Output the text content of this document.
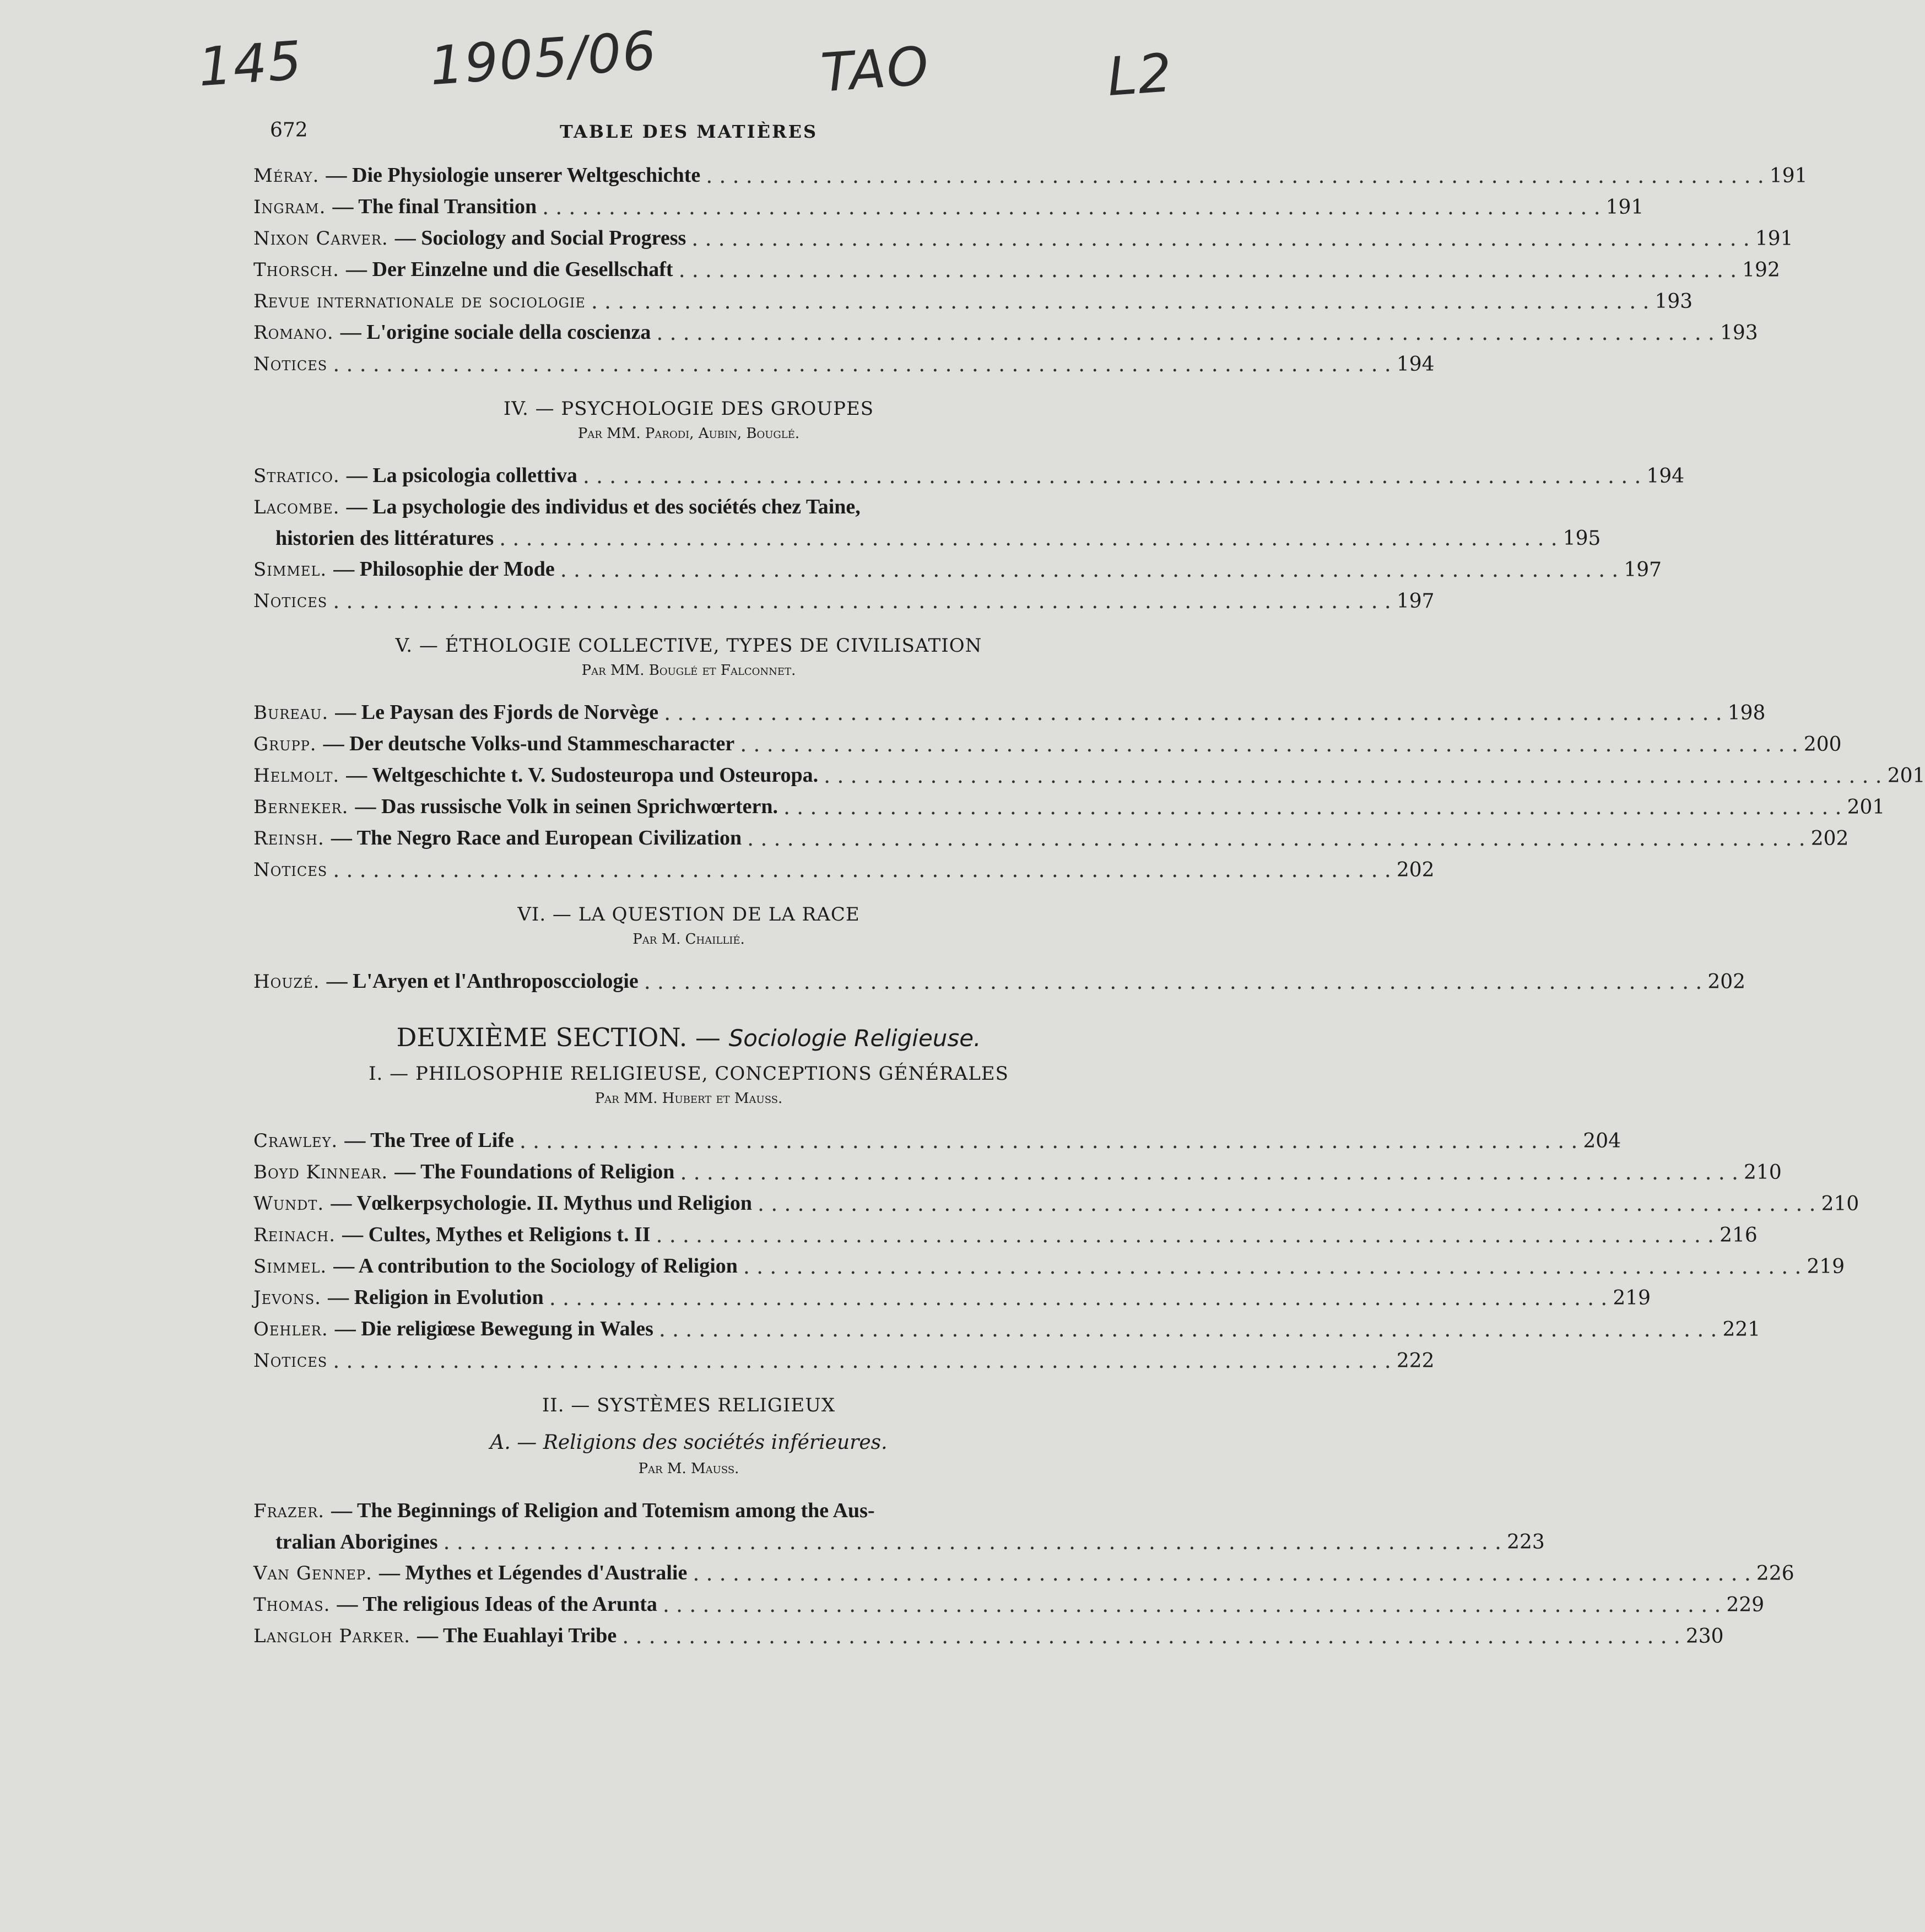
145 1905/06	TAO	L2
672	TABLE DES MATIÈRES
Méray. — Die Physiologie unserer Weltgeschichte . . .	191
Ingram. — The final Transition . . .	191
Nixon Carver. — Sociology and Social Progress . . .	191
Thorsch. — Der Einzelne und die Gesellschaft . . .	192
Revue internationale de sociologie . . .	193
Romano. — L'origine sociale della coscienza . . .	193
Notices . . .	194
IV. — PSYCHOLOGIE DES GROUPES
Par MM. Parodi, Aubin, Bouglé.
Stratico. — La psicologia collettiva . . .	194
Lacombe. — La psychologie des individus et des sociétés chez Taine,
historien des littératures . . .	195
Simmel. — Philosophie der Mode . . .	197
Notices . . .	197
V. — ÉTHOLOGIE COLLECTIVE, TYPES DE CIVILISATION
Par MM. Bouglé et Falconnet.
Bureau. — Le Paysan des Fjords de Norvège . . .	198
Grupp. — Der deutsche Volks-und Stammescharacter . . .	200
Helmolt. — Weltgeschichte t. V. Sudosteuropa und Osteuropa. . . .	201
Berneker. — Das russische Volk in seinen Sprichwœrtern. . . .	201
Reinsh. — The Negro Race and European Civilization . . .	202
Notices . . .	202
VI. — LA QUESTION DE LA RACE
Par M. Chaillié.
Houzé. — L'Aryen et l'Anthroposcciologie . . .	202
DEUXIÈME SECTION. — Sociologie Religieuse.
I. — PHILOSOPHIE RELIGIEUSE, CONCEPTIONS GÉNÉRALES
Par MM. Hubert et Mauss.
Crawley. — The Tree of Life . . .	204
Boyd Kinnear. — The Foundations of Religion . . .	210
Wundt. — Vœlkerpsychologie. II. Mythus und Religion . . .	210
Reinach. — Cultes, Mythes et Religions t. II . . .	216
Simmel. — A contribution to the Sociology of Religion . . .	219
Jevons. — Religion in Evolution . . .	219
Oehler. — Die religiœse Bewegung in Wales . . .	221
Notices . . .	222
II. — SYSTÈMES RELIGIEUX
A. — Religions des sociétés inférieures.
Par M. Mauss.
Frazer. — The Beginnings of Religion and Totemism among the Aus-
tralian Aborigines . . .	223
Van Gennep. — Mythes et Légendes d'Australie . . .	226
Thomas. — The religious Ideas of the Arunta . . .	229
Langloh Parker. — The Euahlayi Tribe . . .	230
